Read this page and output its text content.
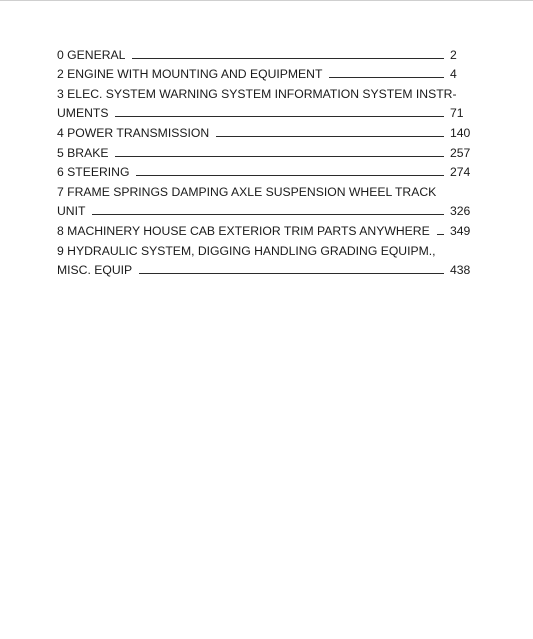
0 GENERAL	2
2 ENGINE WITH MOUNTING AND EQUIPMENT	4
3 ELEC. SYSTEM WARNING SYSTEM INFORMATION SYSTEM INSTR-
UMENTS	71
4 POWER TRANSMISSION	140
5 BRAKE	257
6 STEERING	274
7 FRAME SPRINGS DAMPING AXLE SUSPENSION WHEEL TRACK
UNIT	326
8 MACHINERY HOUSE CAB EXTERIOR TRIM PARTS ANYWHERE 349
9 HYDRAULIC SYSTEM, DIGGING HANDLING GRADING EQUIPM.,
MISC. EQUIP	438
